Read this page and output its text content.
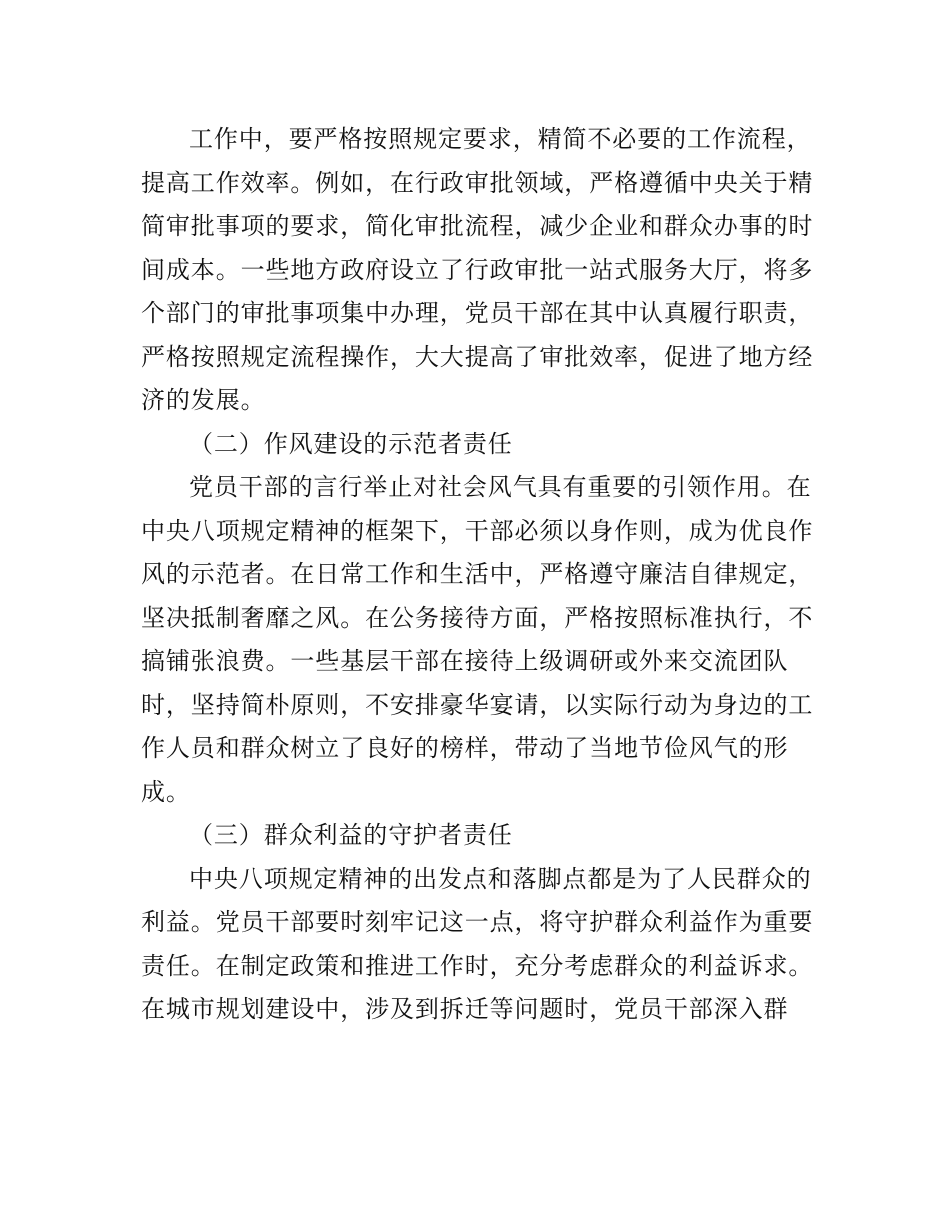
工作中，要严格按照规定要求，精简不必要的工作流程，
提高工作效率。例如，在行政审批领域，严格遵循中央关于精
简审批事项的要求，简化审批流程，减少企业和群众办事的时
间成本。一些地方政府设立了行政审批一站式服务大厅，将多
个部门的审批事项集中办理，党员干部在其中认真履行职责，
严格按照规定流程操作，大大提高了审批效率，促进了地方经
济的发展。
（二）作风建设的示范者责任
党员干部的言行举止对社会风气具有重要的引领作用。在
中央八项规定精神的框架下，干部必须以身作则，成为优良作
风的示范者。在日常工作和生活中，严格遵守廉洁自律规定，
坚决抵制奢靡之风。在公务接待方面，严格按照标准执行，不
搞铺张浪费。一些基层干部在接待上级调研或外来交流团队
时，坚持简朴原则，不安排豪华宴请，以实际行动为身边的工
作人员和群众树立了良好的榜样，带动了当地节俭风气的形
成。
（三）群众利益的守护者责任
中央八项规定精神的出发点和落脚点都是为了人民群众的
利益。党员干部要时刻牢记这一点，将守护群众利益作为重要
责任。在制定政策和推进工作时，充分考虑群众的利益诉求。
在城市规划建设中，涉及到拆迁等问题时，党员干部深入群
